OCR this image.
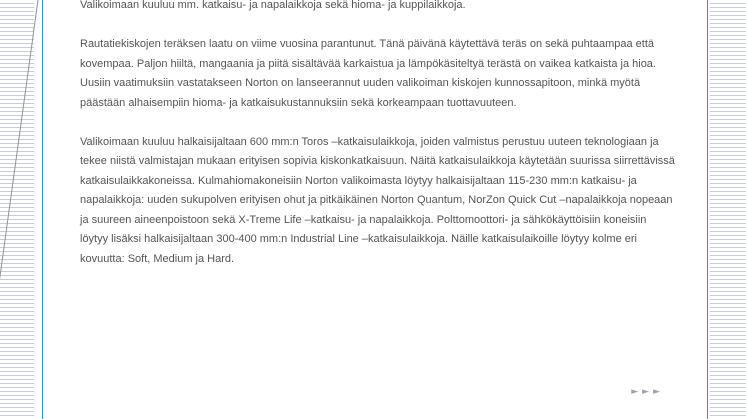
Valikoimaan kuuluu mm. katkaisu- ja napalaikkoja sekä hioma- ja kuppilaikkoja.

Rautatiekiskojen teräksen laatu on viime vuosina parantunut. Tänä päivänä käytettävä teräs on sekä puhtaampaa että kovempaa. Paljon hiiltä, mangaania ja piitä sisältävää karkaistua ja lämpökäsiteltyä terästä on vaikea katkaista ja hioa. Uusiin vaatimuksiin vastatakseen Norton on lanseerannut uuden valikoiman kiskojen kunnossapitoon, minkä myötä päästään alhaisempiin hioma- ja katkaisukustannuksiin sekä korkeampaan tuottavuuteen.

Valikoimaan kuuluu halkaisijaltaan 600 mm:n Toros –katkaisulaikkoja, joiden valmistus perustuu uuteen teknologiaan ja tekee niistä valmistajan mukaan erityisen sopivia kiskonkatkaisuun. Näitä katkaisulaikkoja käytetään suurissa siirrettävissä katkaisulaikkakoneissa. Kulmahiomakoneisiin Norton valikoimasta löytyy halkaisijaltaan 115-230 mm:n katkaisu- ja napalaikkoja: uuden sukupolven erityisen ohut ja pitkäikäinen Norton Quantum, NorZon Quick Cut –napalaikkoja nopeaan ja suureen aineenpoistoon sekä X-Treme Life –katkaisu- ja napalaikkoja. Polttomoottori- ja sähkökäyttöisiin koneisiin löytyy lisäksi halkaisijaltaan 300-400 mm:n Industrial Line –katkaisulaikkoja. Näille katkaisulaikoille löytyy kolme eri kovuutta: Soft, Medium ja Hard.

►►►
